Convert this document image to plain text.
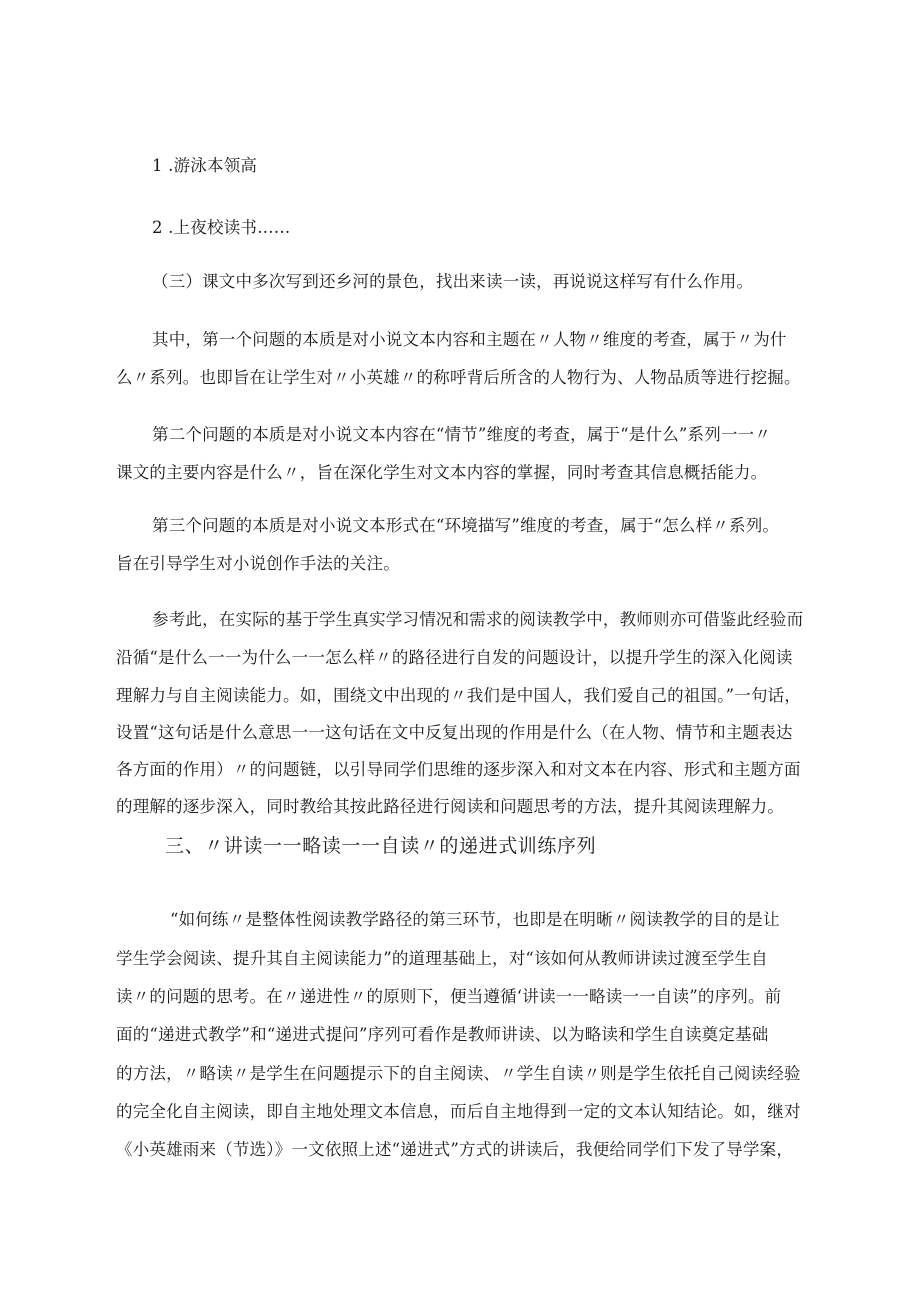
1 .游泳本领高
2 .上夜校读书……
（三）课文中多次写到还乡河的景色，找出来读一读，再说说这样写有什么作用。
其中，第一个问题的本质是对小说文本内容和主题在〃人物〃维度的考查，属于〃为什
么〃系列。也即旨在让学生对〃小英雄〃的称呼背后所含的人物行为、人物品质等进行挖掘。
第二个问题的本质是对小说文本内容在“情节”维度的考查，属于“是什么”系列一一〃
课文的主要内容是什么〃，旨在深化学生对文本内容的掌握，同时考查其信息概括能力。
第三个问题的本质是对小说文本形式在“环境描写”维度的考查，属于“怎么样〃系列。
旨在引导学生对小说创作手法的关注。
参考此，在实际的基于学生真实学习情况和需求的阅读教学中，教师则亦可借鉴此经验而
沿循“是什么一一为什么一一怎么样〃的路径进行自发的问题设计，以提升学生的深入化阅读
理解力与自主阅读能力。如，围绕文中出现的〃我们是中国人，我们爱自己的祖国。”一句话，
设置“这句话是什么意思一一这句话在文中反复出现的作用是什么（在人物、情节和主题表达
各方面的作用）〃的问题链，以引导同学们思维的逐步深入和对文本在内容、形式和主题方面
的理解的逐步深入，同时教给其按此路径进行阅读和问题思考的方法，提升其阅读理解力。
三、〃讲读一一略读一一自读〃的递进式训练序列
“如何练〃是整体性阅读教学路径的第三环节，也即是在明晰〃阅读教学的目的是让
学生学会阅读、提升其自主阅读能力”的道理基础上，对“该如何从教师讲读过渡至学生自
读〃的问题的思考。在〃递进性〃的原则下，便当遵循‘讲读一一略读一一自读”的序列。前
面的“递进式教学”和“递进式提问”序列可看作是教师讲读、以为略读和学生自读奠定基础
的方法，〃略读〃是学生在问题提示下的自主阅读、〃学生自读〃则是学生依托自己阅读经验
的完全化自主阅读，即自主地处理文本信息，而后自主地得到一定的文本认知结论。如，继对
《小英雄雨来（节选）》一文依照上述“递进式”方式的讲读后，我便给同学们下发了导学案，
